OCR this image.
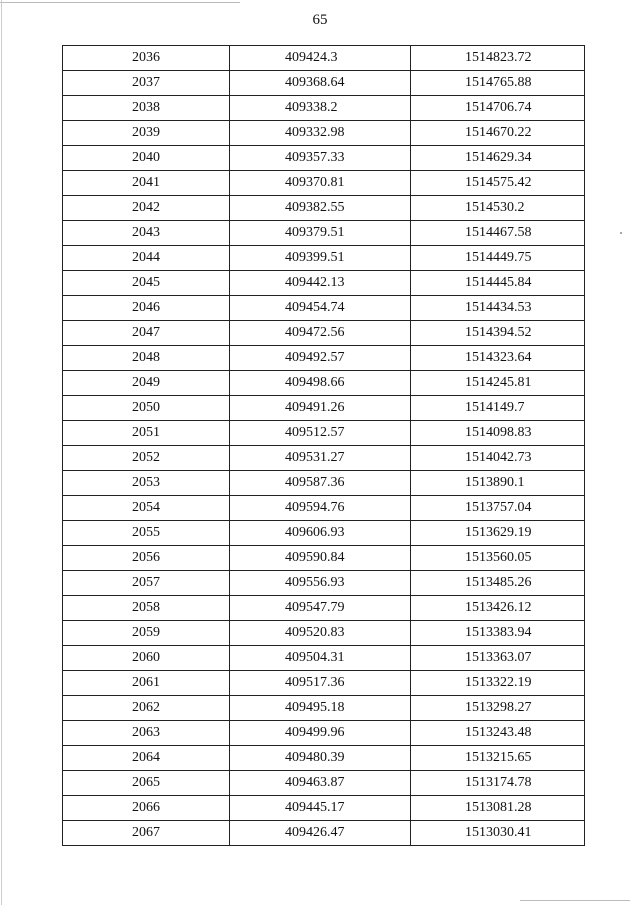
65
2036	409424.3	1514823.72
2037	409368.64	1514765.88
2038	409338.2	1514706.74
2039	409332.98	1514670.22
2040	409357.33	1514629.34
2041	409370.81	1514575.42
2042	409382.55	1514530.2
2043	409379.51	1514467.58
2044	409399.51	1514449.75
2045	409442.13	1514445.84
2046	409454.74	1514434.53
2047	409472.56	1514394.52
2048	409492.57	1514323.64
2049	409498.66	1514245.81
2050	409491.26	1514149.7
2051	409512.57	1514098.83
2052	409531.27	1514042.73
2053	409587.36	1513890.1
2054	409594.76	1513757.04
2055	409606.93	1513629.19
2056	409590.84	1513560.05
2057	409556.93	1513485.26
2058	409547.79	1513426.12
2059	409520.83	1513383.94
2060	409504.31	1513363.07
2061	409517.36	1513322.19
2062	409495.18	1513298.27
2063	409499.96	1513243.48
2064	409480.39	1513215.65
2065	409463.87	1513174.78
2066	409445.17	1513081.28
2067	409426.47	1513030.41
